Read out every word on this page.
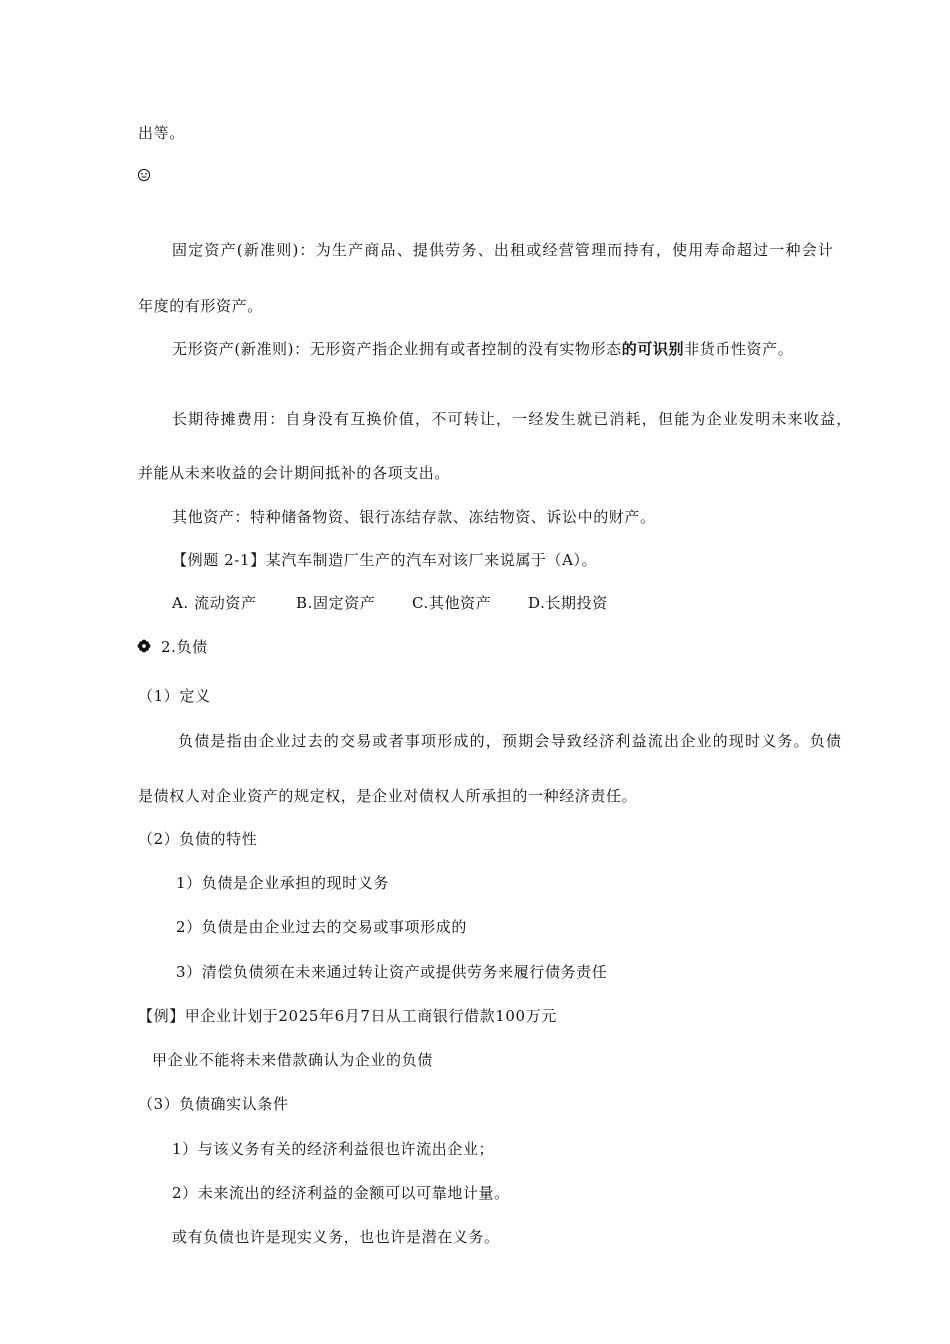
出等。
固定资产(新准则)：为生产商品、提供劳务、出租或经营管理而持有，使用寿命超过一种会计
年度的有形资产。
无形资产(新准则)：无形资产指企业拥有或者控制的没有实物形态的可识别非货币性资产。
长期待摊费用：自身没有互换价值，不可转让，一经发生就已消耗，但能为企业发明未来收益，
并能从未来收益的会计期间抵补的各项支出。
其他资产：特种储备物资、银行冻结存款、冻结物资、诉讼中的财产。
【例题 2-1】某汽车制造厂生产的汽车对该厂来说属于（A）。
A. 流动资产	B.固定资产 C.其他资产 D.长期投资
2.负债
（1）定义
负债是指由企业过去的交易或者事项形成的，预期会导致经济利益流出企业的现时义务。负债
是债权人对企业资产的规定权，是企业对债权人所承担的一种经济责任。
（2）负债的特性
1）负债是企业承担的现时义务
2）负债是由企业过去的交易或事项形成的
3）清偿负债须在未来通过转让资产或提供劳务来履行债务责任
【例】甲企业计划于2025年6月7日从工商银行借款100万元
甲企业不能将未来借款确认为企业的负债
（3）负债确实认条件
1）与该义务有关的经济利益很也许流出企业；
2）未来流出的经济利益的金额可以可靠地计量。
或有负债也许是现实义务，也也许是潜在义务。
